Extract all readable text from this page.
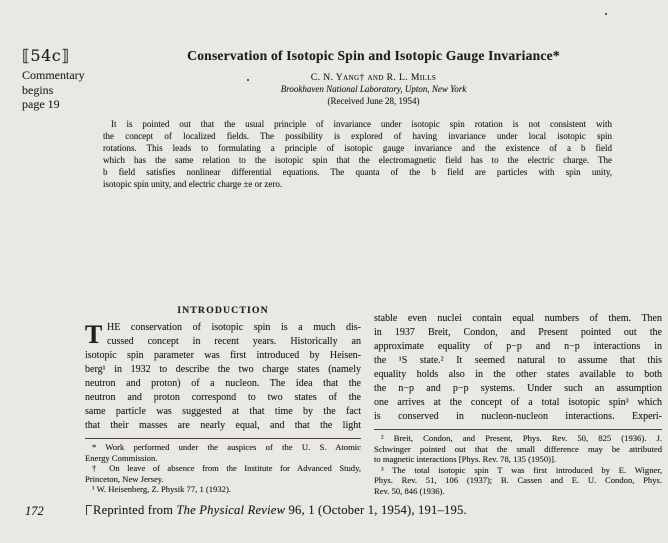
⟦54c⟧
Commentary
begins
page 19
Conservation of Isotopic Spin and Isotopic Gauge Invariance*
C. N. Yang† and R. L. Mills
Brookhaven National Laboratory, Upton, New York
(Received June 28, 1954)
It is pointed out that the usual principle of invariance under isotopic spin rotation is not consistent with
the concept of localized fields. The possibility is explored of having invariance under local isotopic spin
rotations. This leads to formulating a principle of isotopic gauge invariance and the existence of a b field
which has the same relation to the isotopic spin that the electromagnetic field has to the electric charge. The
b field satisfies nonlinear differential equations. The quanta of the b field are particles with spin unity,
isotopic spin unity, and electric charge ±e or zero.
INTRODUCTION
T HE conservation of isotopic spin is a much dis-
cussed concept in recent years. Historically an
isotopic spin parameter was first introduced by Heisen-
berg¹ in 1932 to describe the two charge states (namely
neutron and proton) of a nucleon. The idea that the
neutron and proton correspond to two states of the
same particle was suggested at that time by the fact
that their masses are nearly equal, and that the light
* Work performed under the auspices of the U. S. Atomic
Energy Commission.
† On leave of absence from the Institute for Advanced Study,
Princeton, New Jersey.
¹ W. Heisenberg, Z. Physik 77, 1 (1932).
stable even nuclei contain equal numbers of them. Then
in 1937 Breit, Condon, and Present pointed out the
approximate equality of p−p and n−p interactions in
the ¹S state.² It seemed natural to assume that this
equality holds also in the other states available to both
the n−p and p−p systems. Under such an assumption
one arrives at the concept of a total isotopic spin³ which
is conserved in nucleon-nucleon interactions. Experi-
² Breit, Condon, and Present, Phys. Rev. 50, 825 (1936). J.
Schwinger pointed out that the small difference may be attributed
to magnetic interactions [Phys. Rev. 78, 135 (1950)].
³ The total isotopic spin T was first introduced by E. Wigner,
Phys. Rev. 51, 106 (1937); B. Cassen and E. U. Condon, Phys.
Rev. 50, 846 (1936).
172	Reprinted from The Physical Review 96, 1 (October 1, 1954), 191–195.
